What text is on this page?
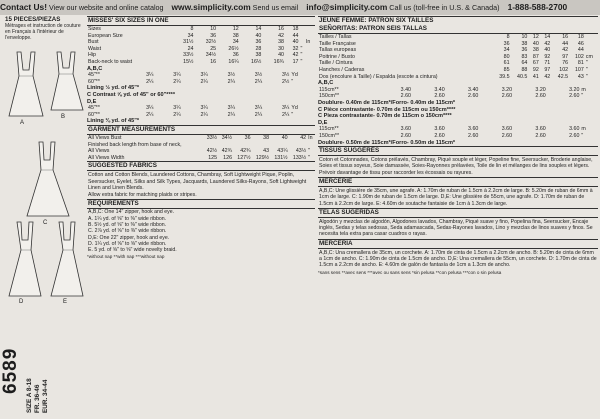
Contact Us! View our website and online catalog www.simplicity.com Send us email info@simplicity.com Call us (toll-free in U.S. & Canada) 1-888-588-2700
15 PIECES/PIEZAS
Métrages et instruction de couture en Français à l'intérieur de l'enveloppe.
A
B
C
D	E
6589
SIZE A 8-18 FR. 36-46 EUR. 34-44
MISSES' SIX SIZES IN ONE
Sizes	8	10	12	14	16	18		
European Size	34	36	38	40	42	44		
Bust	31½	32½	34	36	38	40	In	
Waist	24	25	26½	28	30	32	"	
Hip	33½	34½	36	38	40	42	"	
Back-neck to waist	15½	16	16¼	16½	16¾	17	"	
A,B,C
45"**	3¼	3¼	3¼	3½	3½	3½	Yd
60"**	2¼	2¼	2¼	2¼	2¼	2½	"
Lining ½ yd. of 45"*
C Contrast ⅝ yd. of 45" or 60"****
D,E
45"**	3¼	3¼	3¼	3¼	3¼	3¼	Yd
60"**	2¼	2¼	2¼	2¼	2¼	2¼	"
Lining ⅜ yd. of 45"*
GARMENT MEASUREMENTS
All Views Bust	33½	34½	36	38	40	42	In
Finished back length from base of neck,							
All Views	42½	42¾	42¾	43	43¼	43½	"
All Views Width	125	126	127½	129½	131½	133½	"
SUGGESTED FABRICS
Cotton and Cotton Blends, Laundered Cottons, Chambray, Soft Lightweight Pique, Poplin, Seersucker, Eyelet, Silks and Silk Types, Jacquards, Laundered Silks-Rayons, Soft Lightweight Linen and Linen Blends.
Allow extra fabric for matching plaids or stripes.
REQUIREMENTS
A,B,C: One 14" zipper, hook and eye.
A. 1¼ yd. of ⅝" to ⅜" wide ribbon.
B. 5½ yd. of ⅝" to ⅜" wide ribbon.
C. 2⅞ yd. of ⅝" to ⅜" wide ribbon.
D,E: One 22" zipper, hook and eye.
D. 1¼ yd. of ⅝" to ⅝" wide ribbon.
E. 5 yd. of ⅝" to ⅝" wide novelty braid.
*without nap **with nap ***without nap
JEUNE FEMME: PATRON SIX TAILLES
SEÑORITAS: PATRON SEIS TALLAS
Tailles / Tallas	8	10	12	14	16	18	
Taille Française	36	38	40	42	44	46	
Tallas europeas	34	36	38	40	42	44	
Poitrine / Busto	80	83	87	92	97	102	cm
Taille / Cintura	61	64	67	71	76	81	"
Hanches / Caderas	85	88	92	97	102	107	"
Dos (encolure à Taille) / Espalda (escote a cintura)	39.5	40.5	41	42	42.5	43	"
A,B,C
115cm**	3.40	3.40	3.40	3.20	3.20	3.20	m
150cm**	2.60	2.60	2.60	2.60	2.60	2.60	"
Doublure- 0.40m de 115cm*/Forro- 0.40m de 115cm*
C Pièce contrastante- 0.70m de 115cm ou 150cm****
C Pieza contrastante- 0.70m de 115cm o 150cm****
D,E
115cm**	3.60	3.60	3.60	3.60	3.60	3.60	m
150cm**	2.60	2.60	2.60	2.60	2.60	2.60	"
Doublure- 0.50m de 115cm*/Forro- 0.50m de 115cm*
TISSUS SUGGÉRÉS
Coton et Cotonnades, Cotons prélavés, Chambray, Piqué souple et léger, Popeline fine, Seersucker, Broderie anglaise, Soies et tissus soyeux, Soie damassée, Soies-Rayonnes prélavées, Toile de lin et mélanges de lins souples et légers. Prévoir davantage de tissu pour raccorder les écossais ou rayures.
MERCERIE
A,B,C: Une glissière de 35cm, une agrafe. A: 1.70m de ruban de 1.5cm à 2.2cm de large. B: 5.20m de ruban de 6mm à 1cm de large. C: 1.90m de ruban de 1.5cm de large. D,E: Une glissière de 55cm, une agrafe. D: 1.70m de ruban de 1.5cm à 2.2cm de large. E: 4.60m de soutache fantaisie de 1cm à 1.3cm de large.
TELAS SUGERIDAS
Algodón y mezclas de algodón, Algodones lavados, Chambray, Piqué suave y fino, Popelina fina, Seersucker, Encaje inglés, Sedas y telas sedosas, Seda adamascada, Sedas-Rayones lavados, Lino y mezclas de linos suaves y finos. Se necesita tela extra para casar cuadros o rayas.
MERCERIA
A,B,C: Una cremallera de 35cm, un corchete. A: 1.70m de cinta de 1.5cm a 2.2cm de ancho. B: 5.20m de cinta de 6mm a 1cm de ancho. C: 1.90m de cinta de 1.5cm de ancho. D,E: Una cremallera de 55cm, un corchete. D: 1.70m de cinta de 1.5cm a 2.2cm de ancho. E: 4.60m de galón de fantasía de 1cm a 1.3cm de ancho.
*sans sens **avec sens ***avec ou sans sens *sin pelusa **con pelusa ***con o sin pelusa
